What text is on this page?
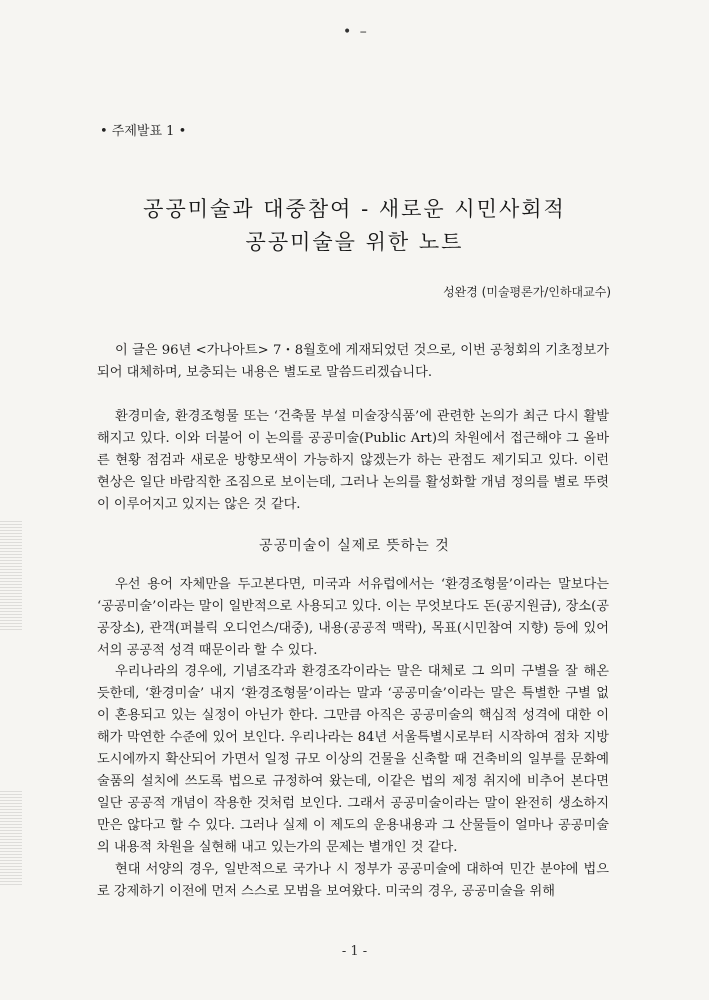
• –
• 주제발표 1 •
공공미술과 대중참여 - 새로운 시민사회적
공공미술을 위한 노트
성완경 (미술평론가/인하대교수)

이 글은 96년 <가나아트> 7・8월호에 게재되었던 것으로, 이번 공청회의 기초정보가 되어 대체하며, 보충되는 내용은 별도로 말씀드리겠습니다.

환경미술, 환경조형물 또는 ‘건축물 부설 미술장식품’에 관련한 논의가 최근 다시 활발해지고 있다. 이와 더불어 이 논의를 공공미술(Public Art)의 차원에서 접근해야 그 올바른 현황 점검과 새로운 방향모색이 가능하지 않겠는가 하는 관점도 제기되고 있다. 이런 현상은 일단 바람직한 조짐으로 보이는데, 그러나 논의를 활성화할 개념 정의를 별로 뚜렷이 이루어지고 있지는 않은 것 같다.

공공미술이 실제로 뜻하는 것

우선 용어 자체만을 두고본다면, 미국과 서유럽에서는 ‘환경조형물’이라는 말보다는 ‘공공미술’이라는 말이 일반적으로 사용되고 있다. 이는 무엇보다도 돈(공지원금), 장소(공공장소), 관객(퍼블릭 오디언스/대중), 내용(공공적 맥락), 목표(시민참여 지향) 등에 있어서의 공공적 성격 때문이라 할 수 있다.

우리나라의 경우에, 기념조각과 환경조각이라는 말은 대체로 그 의미 구별을 잘 해온 듯한데, ‘환경미술’ 내지 ‘환경조형물’이라는 말과 ‘공공미술’이라는 말은 특별한 구별 없이 혼용되고 있는 실정이 아닌가 한다. 그만큼 아직은 공공미술의 핵심적 성격에 대한 이해가 막연한 수준에 있어 보인다. 우리나라는 84년 서울특별시로부터 시작하여 점차 지방도시에까지 확산되어 가면서 일정 규모 이상의 건물을 신축할 때 건축비의 일부를 문화예술품의 설치에 쓰도록 법으로 규정하여 왔는데, 이같은 법의 제정 취지에 비추어 본다면 일단 공공적 개념이 작용한 것처럼 보인다. 그래서 공공미술이라는 말이 완전히 생소하지만은 않다고 할 수 있다. 그러나 실제 이 제도의 운용내용과 그 산물들이 얼마나 공공미술의 내용적 차원을 실현해 내고 있는가의 문제는 별개인 것 같다.

현대 서양의 경우, 일반적으로 국가나 시 정부가 공공미술에 대하여 민간 분야에 법으로 강제하기 이전에 먼저 스스로 모범을 보여왔다. 미국의 경우, 공공미술을 위해

- 1 -
